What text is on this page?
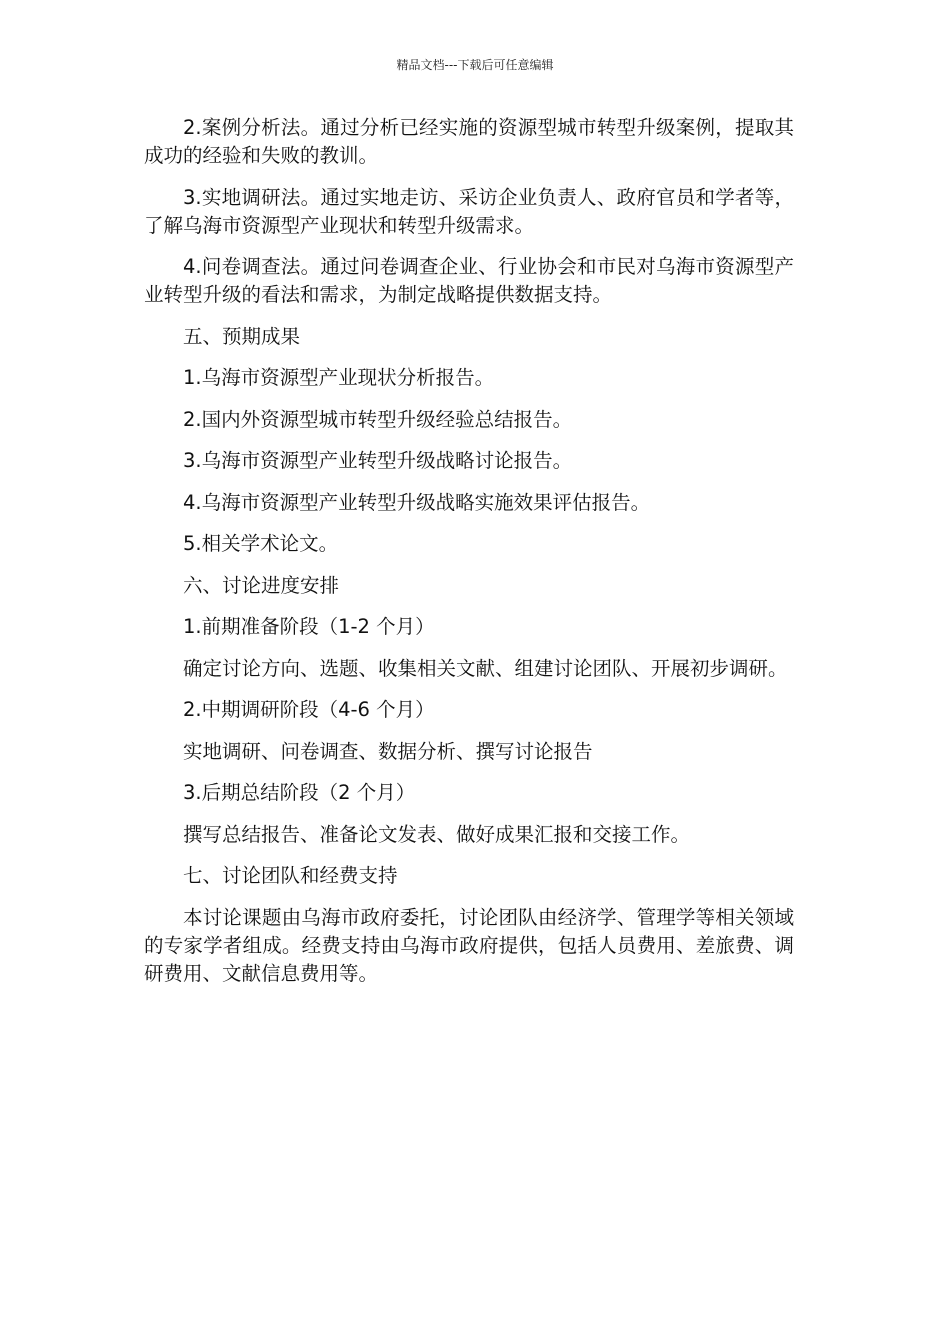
精品文档---下载后可任意编辑

2.案例分析法。通过分析已经实施的资源型城市转型升级案例，提取其成功的经验和失败的教训。

3.实地调研法。通过实地走访、采访企业负责人、政府官员和学者等，了解乌海市资源型产业现状和转型升级需求。

4.问卷调查法。通过问卷调查企业、行业协会和市民对乌海市资源型产业转型升级的看法和需求，为制定战略提供数据支持。

五、预期成果

1.乌海市资源型产业现状分析报告。

2.国内外资源型城市转型升级经验总结报告。

3.乌海市资源型产业转型升级战略讨论报告。

4.乌海市资源型产业转型升级战略实施效果评估报告。

5.相关学术论文。

六、讨论进度安排

1.前期准备阶段（1-2 个月）

确定讨论方向、选题、收集相关文献、组建讨论团队、开展初步调研。

2.中期调研阶段（4-6 个月）

实地调研、问卷调查、数据分析、撰写讨论报告

3.后期总结阶段（2 个月）

撰写总结报告、准备论文发表、做好成果汇报和交接工作。

七、讨论团队和经费支持

本讨论课题由乌海市政府委托，讨论团队由经济学、管理学等相关领域的专家学者组成。经费支持由乌海市政府提供，包括人员费用、差旅费、调研费用、文献信息费用等。
